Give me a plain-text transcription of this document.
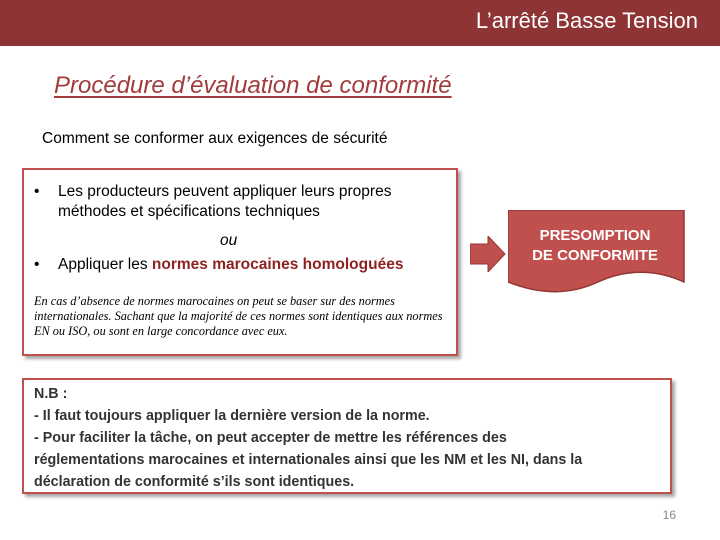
L’arrêté Basse Tension
Procédure d’évaluation de conformité
Comment se conformer aux exigences de sécurité
• Les producteurs peuvent appliquer leurs propres méthodes et spécifications techniques
ou
• Appliquer les normes marocaines homologuées
En cas d’absence de normes marocaines on peut se baser sur des normes internationales. Sachant que la majorité de ces normes sont identiques aux normes EN ou ISO, ou sont en large concordance avec eux.
PRESOMPTION
DE CONFORMITE
N.B :
- Il faut toujours appliquer la dernière version de la norme.
- Pour faciliter la tâche, on peut accepter de mettre les références des
réglementations marocaines et internationales ainsi que les NM et les NI, dans la
déclaration de conformité s’ils sont identiques.
16
